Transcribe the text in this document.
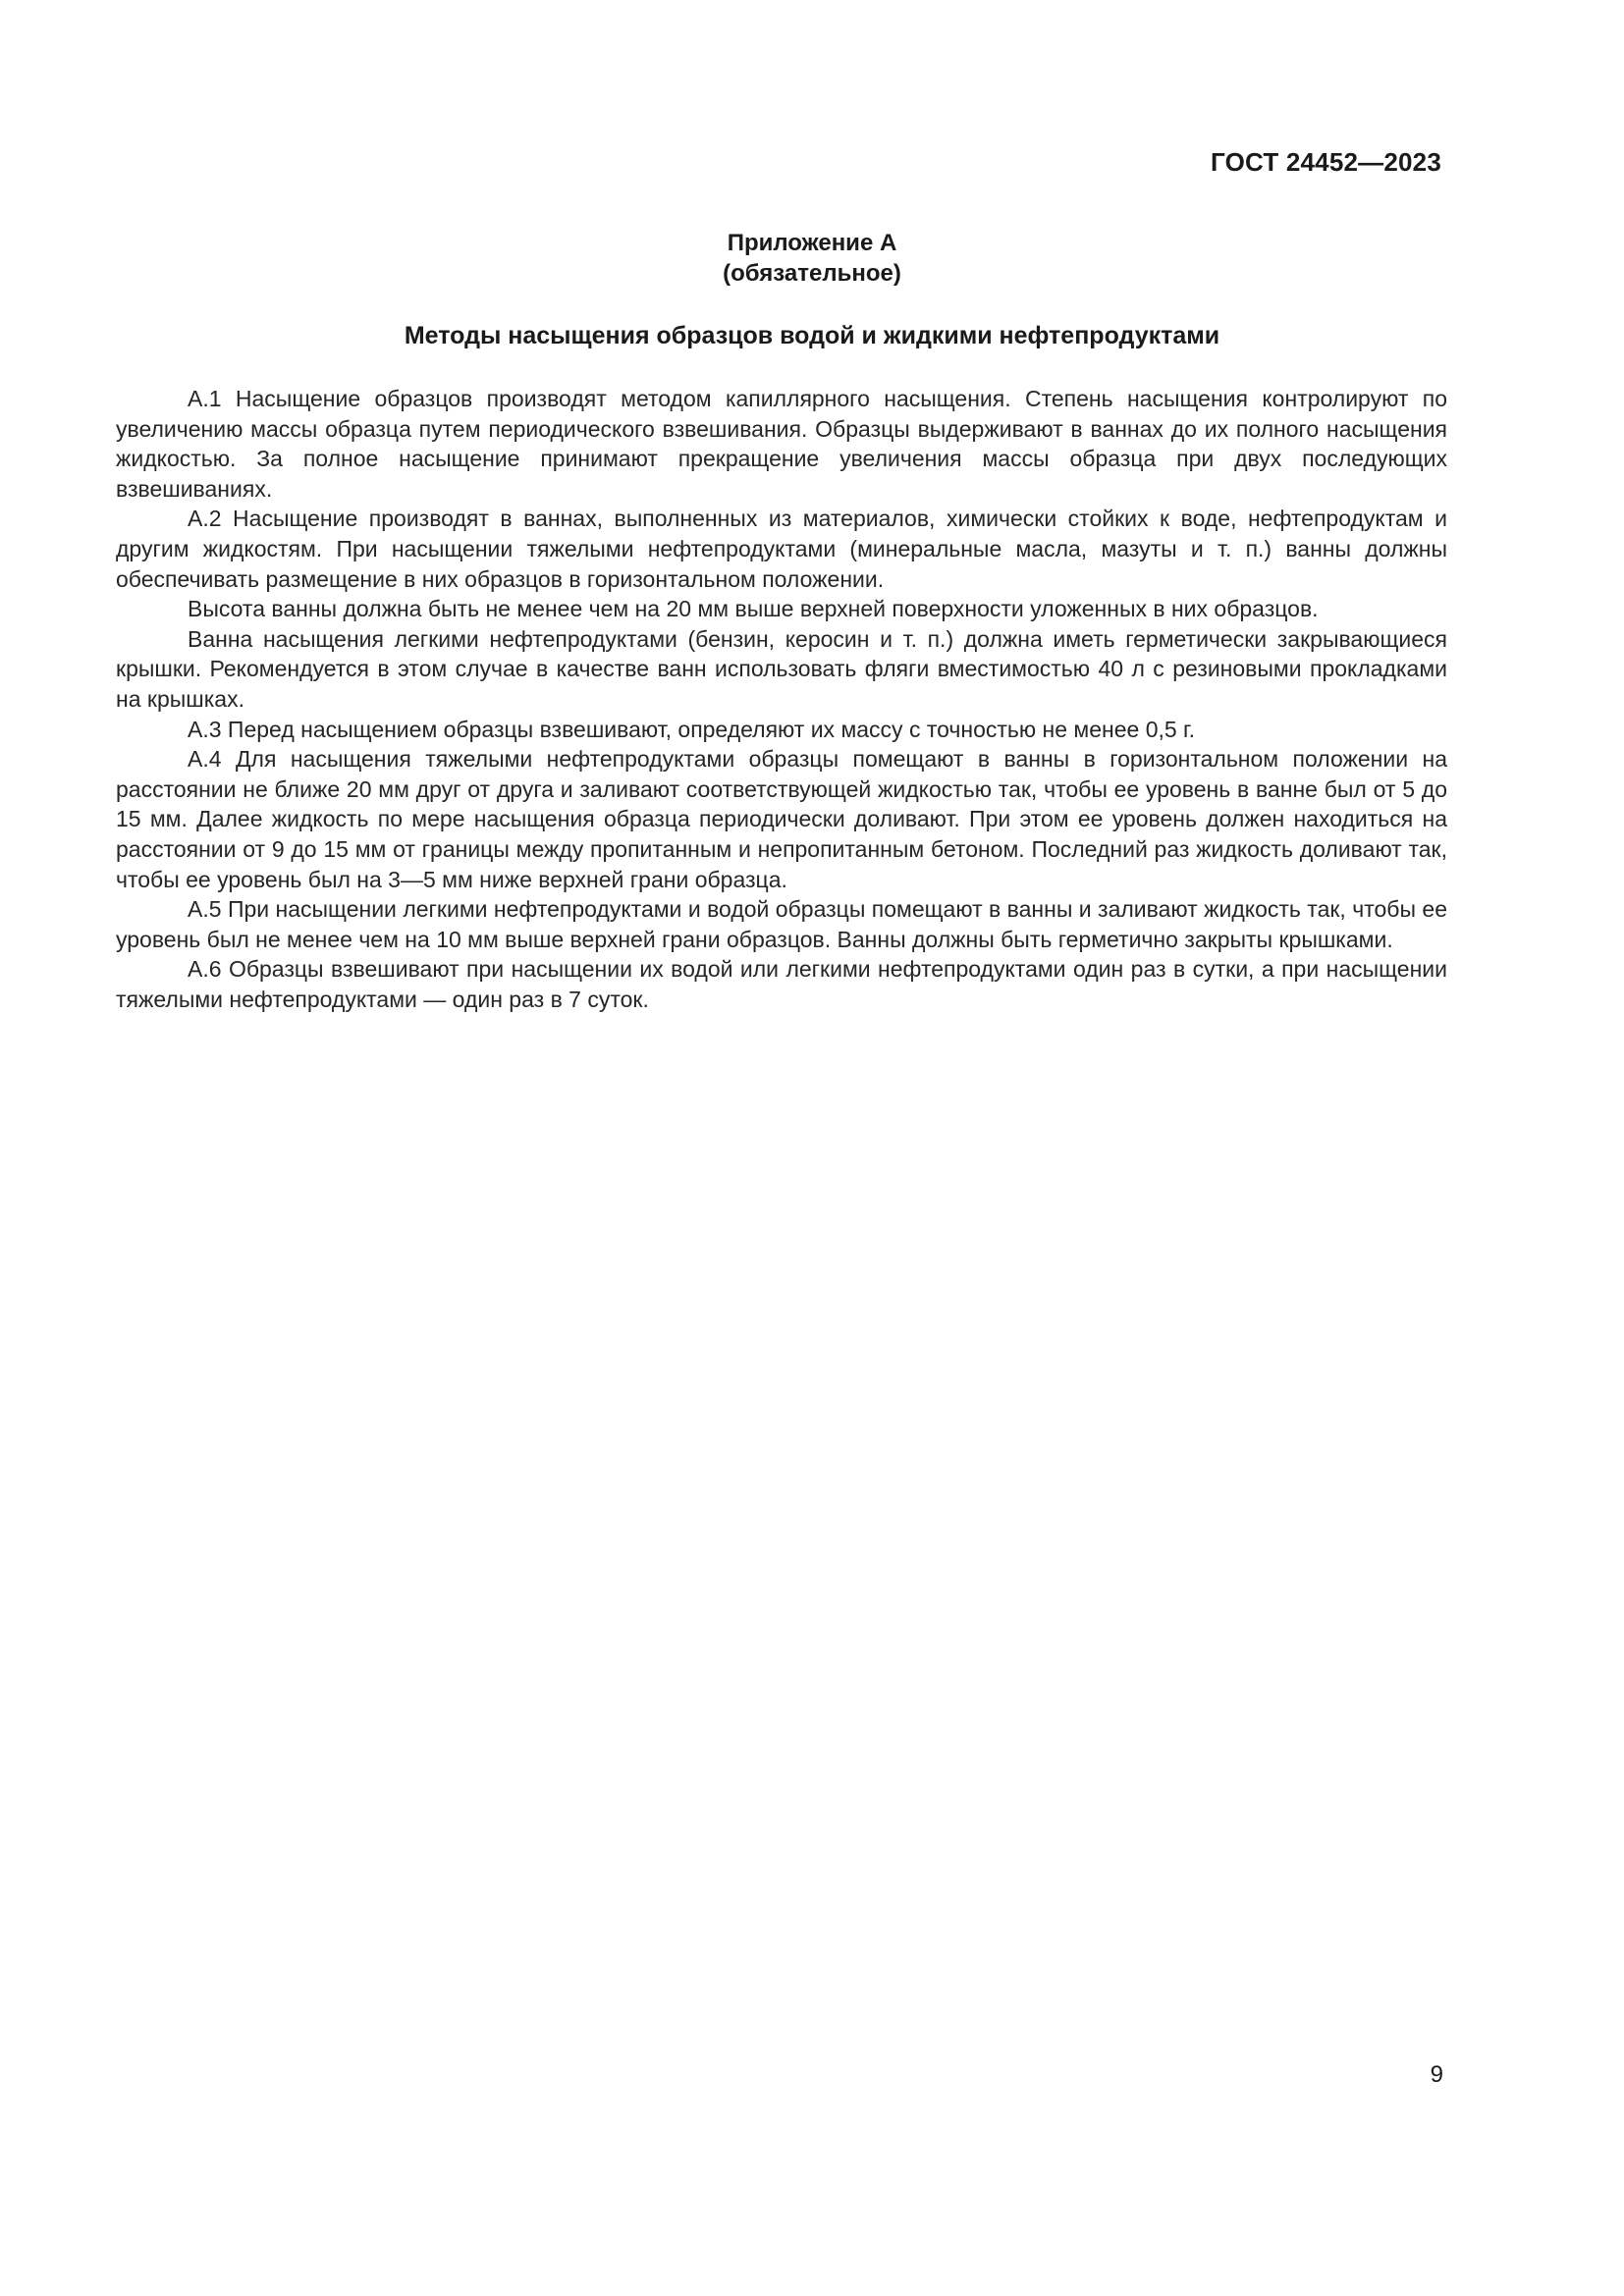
ГОСТ 24452—2023
Приложение А
(обязательное)
Методы насыщения образцов водой и жидкими нефтепродуктами

А.1 Насыщение образцов производят методом капиллярного насыщения. Степень насыщения контролируют по увеличению массы образца путем периодического взвешивания. Образцы выдерживают в ваннах до их полного насыщения жидкостью. За полное насыщение принимают прекращение увеличения массы образца при двух последующих взвешиваниях.

А.2 Насыщение производят в ваннах, выполненных из материалов, химически стойких к воде, нефтепродуктам и другим жидкостям. При насыщении тяжелыми нефтепродуктами (минеральные масла, мазуты и т. п.) ванны должны обеспечивать размещение в них образцов в горизонтальном положении.

Высота ванны должна быть не менее чем на 20 мм выше верхней поверхности уложенных в них образцов.

Ванна насыщения легкими нефтепродуктами (бензин, керосин и т. п.) должна иметь герметически закрывающиеся крышки. Рекомендуется в этом случае в качестве ванн использовать фляги вместимостью 40 л с резиновыми прокладками на крышках.

А.3 Перед насыщением образцы взвешивают, определяют их массу с точностью не менее 0,5 г.

А.4 Для насыщения тяжелыми нефтепродуктами образцы помещают в ванны в горизонтальном положении на расстоянии не ближе 20 мм друг от друга и заливают соответствующей жидкостью так, чтобы ее уровень в ванне был от 5 до 15 мм. Далее жидкость по мере насыщения образца периодически доливают. При этом ее уровень должен находиться на расстоянии от 9 до 15 мм от границы между пропитанным и непропитанным бетоном. Последний раз жидкость доливают так, чтобы ее уровень был на 3—5 мм ниже верхней грани образца.

А.5 При насыщении легкими нефтепродуктами и водой образцы помещают в ванны и заливают жидкость так, чтобы ее уровень был не менее чем на 10 мм выше верхней грани образцов. Ванны должны быть герметично закрыты крышками.

А.6 Образцы взвешивают при насыщении их водой или легкими нефтепродуктами один раз в сутки, а при насыщении тяжелыми нефтепродуктами — один раз в 7 суток.

9
